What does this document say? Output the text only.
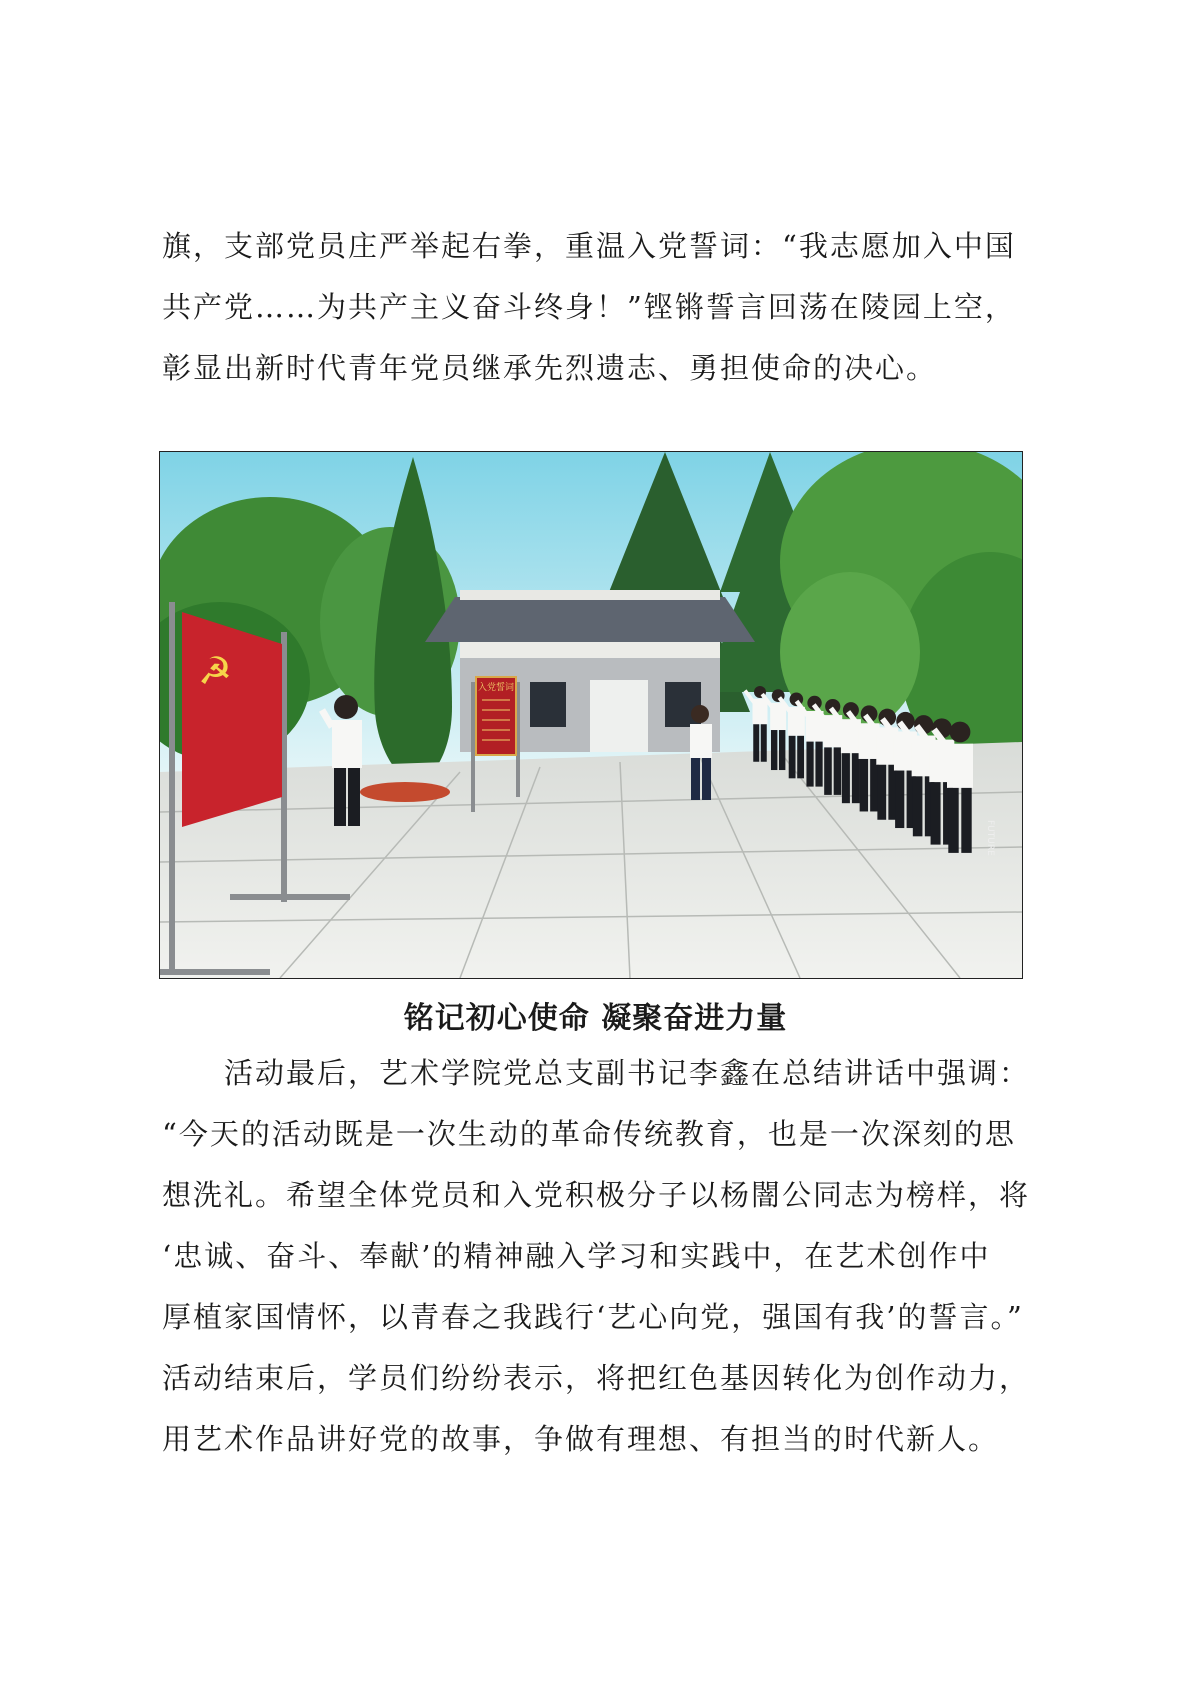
旗，支部党员庄严举起右拳，重温入党誓词：“我志愿加入中国
共产党……为共产主义奋斗终身！”铿锵誓言回荡在陵园上空，
彰显出新时代青年党员继承先烈遗志、勇担使命的决心。
☭	入党誓词
FUTURE

铭记初心使命 凝聚奋进力量

　　活动最后，艺术学院党总支副书记李鑫在总结讲话中强调：
“今天的活动既是一次生动的革命传统教育，也是一次深刻的思
想洗礼。希望全体党员和入党积极分子以杨闇公同志为榜样，将
‘忠诚、奋斗、奉献’的精神融入学习和实践中，在艺术创作中
厚植家国情怀，以青春之我践行‘艺心向党，强国有我’的誓言。”
活动结束后，学员们纷纷表示，将把红色基因转化为创作动力，
用艺术作品讲好党的故事，争做有理想、有担当的时代新人。
